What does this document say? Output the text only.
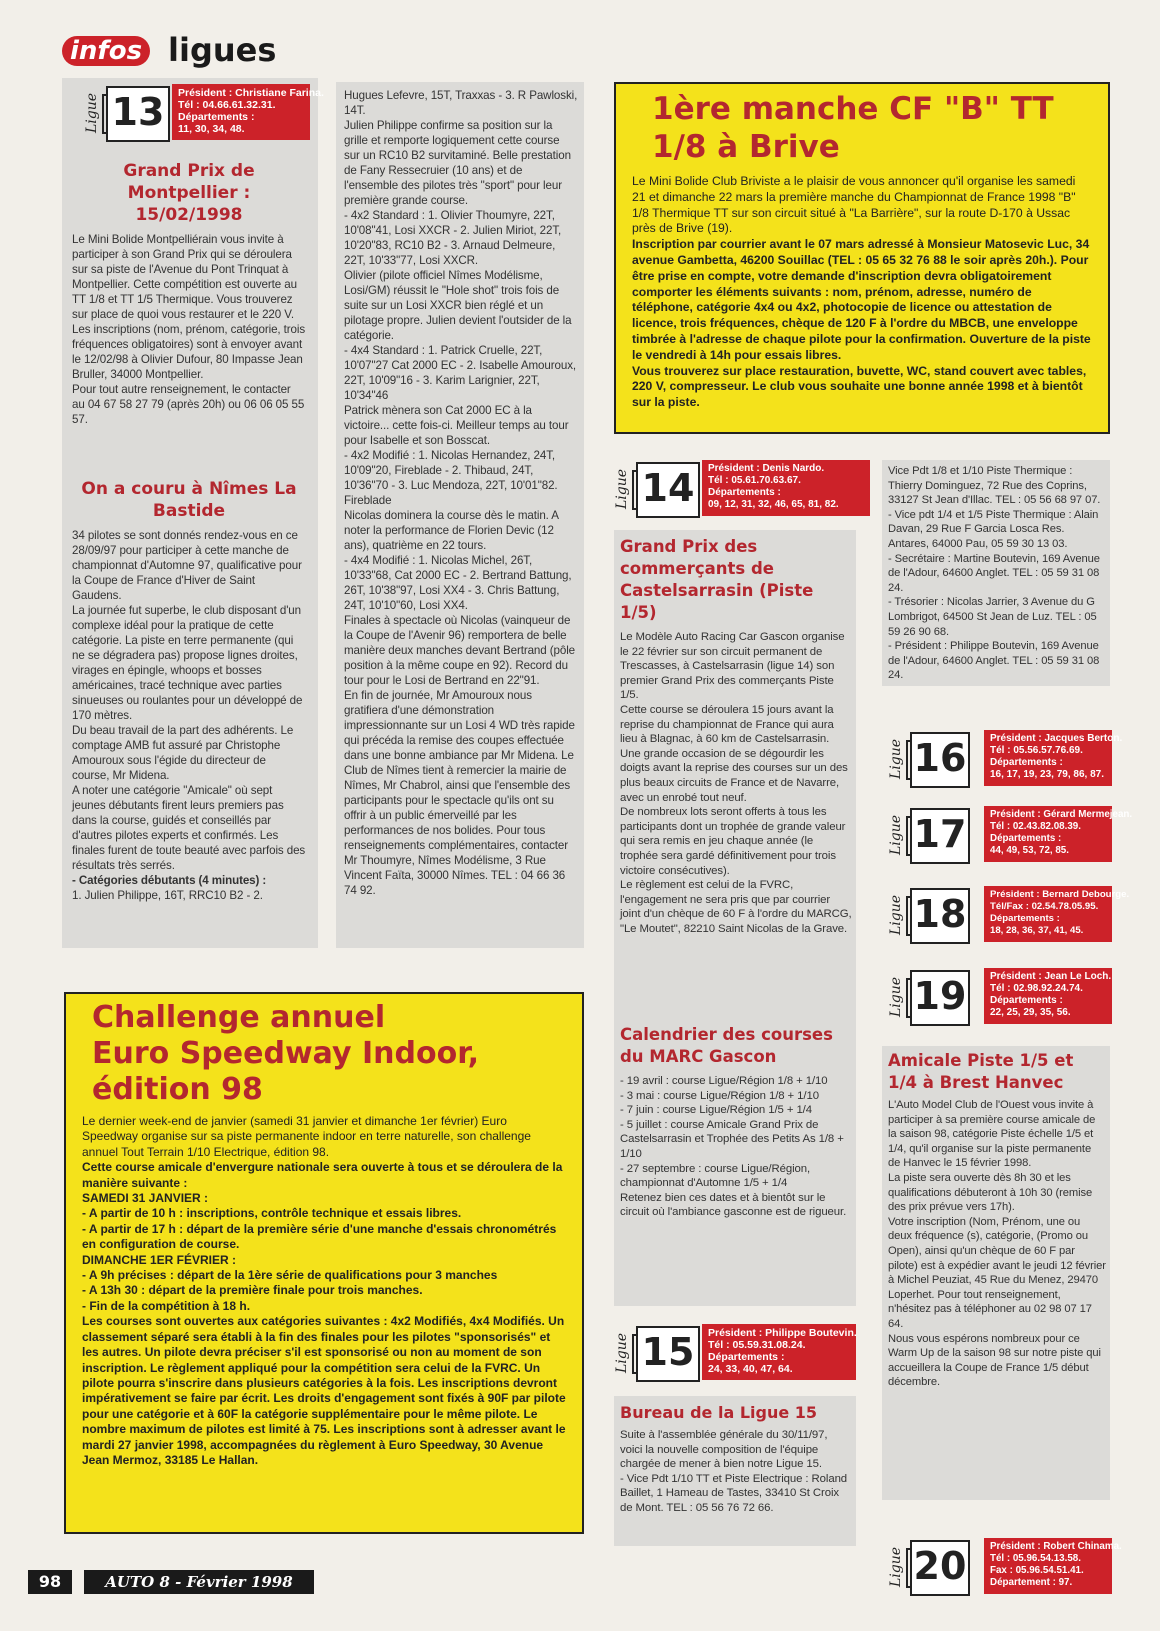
infos ligues
Ligue 13	Président : Christiane Farina.
Tél : 04.66.61.32.31.
Départements :
11, 30, 34, 48.
Grand Prix de Montpellier : 15/02/1998

Le Mini Bolide Montpelliérain vous invite à participer à son Grand Prix qui se déroulera sur sa piste de l'Avenue du Pont Trinquat à Montpellier. Cette compétition est ouverte au TT 1/8 et TT 1/5 Thermique. Vous trouverez sur place de quoi vous restaurer et le 220 V.

Les inscriptions (nom, prénom, catégorie, trois fréquences obligatoires) sont à envoyer avant le 12/02/98 à Olivier Dufour, 80 Impasse Jean Bruller, 34000 Montpellier.

Pour tout autre renseignement, le contacter au 04 67 58 27 79 (après 20h) ou 06 06 05 55 57.

On a couru à Nîmes La Bastide

34 pilotes se sont donnés rendez-vous en ce 28/09/97 pour participer à cette manche de championnat d'Automne 97, qualificative pour la Coupe de France d'Hiver de Saint Gaudens.

La journée fut superbe, le club disposant d'un complexe idéal pour la pratique de cette catégorie. La piste en terre permanente (qui ne se dégradera pas) propose lignes droites, virages en épingle, whoops et bosses américaines, tracé technique avec parties sinueuses ou roulantes pour un développé de 170 mètres.

Du beau travail de la part des adhérents. Le comptage AMB fut assuré par Christophe Amouroux sous l'égide du directeur de course, Mr Midena.

A noter une catégorie "Amicale" où sept jeunes débutants firent leurs premiers pas dans la course, guidés et conseillés par d'autres pilotes experts et confirmés. Les finales furent de toute beauté avec parfois des résultats très serrés.

- Catégories débutants (4 minutes) :

1. Julien Philippe, 16T, RRC10 B2 - 2.

Hugues Lefevre, 15T, Traxxas - 3. R Pawloski, 14T.

Julien Philippe confirme sa position sur la grille et remporte logiquement cette course sur un RC10 B2 survitaminé. Belle prestation de Fany Ressecruier (10 ans) et de l'ensemble des pilotes très "sport" pour leur première grande course.

- 4x2 Standard : 1. Olivier Thoumyre, 22T, 10'08"41, Losi XXCR - 2. Julien Miriot, 22T, 10'20"83, RC10 B2 - 3. Arnaud Delmeure, 22T, 10'33"77, Losi XXCR.

Olivier (pilote officiel Nîmes Modélisme, Losi/GM) réussit le "Hole shot" trois fois de suite sur un Losi XXCR bien réglé et un pilotage propre. Julien devient l'outsider de la catégorie.

- 4x4 Standard : 1. Patrick Cruelle, 22T, 10'07"27 Cat 2000 EC - 2. Isabelle Amouroux, 22T, 10'09"16 - 3. Karim Larignier, 22T, 10'34"46

Patrick mènera son Cat 2000 EC à la victoire... cette fois-ci. Meilleur temps au tour pour Isabelle et son Bosscat.

- 4x2 Modifié : 1. Nicolas Hernandez, 24T, 10'09"20, Fireblade - 2. Thibaud, 24T, 10'36"70 - 3. Luc Mendoza, 22T, 10'01"82. Fireblade

Nicolas dominera la course dès le matin. A noter la performance de Florien Devic (12 ans), quatrième en 22 tours.

- 4x4 Modifié : 1. Nicolas Michel, 26T, 10'33"68, Cat 2000 EC - 2. Bertrand Battung, 26T, 10'38"97, Losi XX4 - 3. Chris Battung, 24T, 10'10"60, Losi XX4.

Finales à spectacle où Nicolas (vainqueur de la Coupe de l'Avenir 96) remportera de belle manière deux manches devant Bertrand (pôle position à la même coupe en 92). Record du tour pour le Losi de Bertrand en 22"91.

En fin de journée, Mr Amouroux nous gratifiera d'une démonstration impressionnante sur un Losi 4 WD très rapide qui précéda la remise des coupes effectuée dans une bonne ambiance par Mr Midena. Le Club de Nîmes tient à remercier la mairie de Nîmes, Mr Chabrol, ainsi que l'ensemble des participants pour le spectacle qu'ils ont su offrir à un public émerveillé par les performances de nos bolides. Pour tous renseignements complémentaires, contacter Mr Thoumyre, Nîmes Modélisme, 3 Rue Vincent Faïta, 30000 Nîmes. TEL : 04 66 36 74 92.

1ère manche CF "B" TT
1/8 à Brive

Le Mini Bolide Club Briviste a le plaisir de vous annoncer qu'il organise les samedi 21 et dimanche 22 mars la première manche du Championnat de France 1998 "B" 1/8 Thermique TT sur son circuit situé à "La Barrière", sur la route D-170 à Ussac près de Brive (19).

Inscription par courrier avant le 07 mars adressé à Monsieur Matosevic Luc, 34 avenue Gambetta, 46200 Souillac (TEL : 05 65 32 76 88 le soir après 20h.). Pour être prise en compte, votre demande d'inscription devra obligatoirement comporter les éléments suivants : nom, prénom, adresse, numéro de téléphone, catégorie 4x4 ou 4x2, photocopie de licence ou attestation de licence, trois fréquences, chèque de 120 F à l'ordre du MBCB, une enveloppe timbrée à l'adresse de chaque pilote pour la confirmation. Ouverture de la piste le vendredi à 14h pour essais libres.

Vous trouverez sur place restauration, buvette, WC, stand couvert avec tables, 220 V, compresseur. Le club vous souhaite une bonne année 1998 et à bientôt sur la piste.

Ligue 14	Président : Denis Nardo.
Tél : 05.61.70.63.67.
Départements :
09, 12, 31, 32, 46, 65, 81, 82.
Grand Prix des commerçants de Castelsarrasin (Piste 1/5)

Le Modèle Auto Racing Car Gascon organise le 22 février sur son circuit permanent de Trescasses, à Castelsarrasin (ligue 14) son premier Grand Prix des commerçants Piste 1/5.

Cette course se déroulera 15 jours avant la reprise du championnat de France qui aura lieu à Blagnac, à 60 km de Castelsarrasin. Une grande occasion de se dégourdir les doigts avant la reprise des courses sur un des plus beaux circuits de France et de Navarre, avec un enrobé tout neuf.

De nombreux lots seront offerts à tous les participants dont un trophée de grande valeur qui sera remis en jeu chaque année (le trophée sera gardé définitivement pour trois victoire consécutives).

Le règlement est celui de la FVRC, l'engagement ne sera pris que par courrier joint d'un chèque de 60 F à l'ordre du MARCG, "Le Moutet", 82210 Saint Nicolas de la Grave.

Calendrier des courses du MARC Gascon

- 19 avril : course Ligue/Région 1/8 + 1/10

- 3 mai : course Ligue/Région 1/8 + 1/10

- 7 juin : course Ligue/Région 1/5 + 1/4

- 5 juillet : course Amicale Grand Prix de Castelsarrasin et Trophée des Petits As 1/8 + 1/10

- 27 septembre : course Ligue/Région, championnat d'Automne 1/5 + 1/4

Retenez bien ces dates et à bientôt sur le circuit où l'ambiance gasconne est de rigueur.

Ligue 15	Président : Philippe Boutevin.
Tél : 05.59.31.08.24.
Départements :
24, 33, 40, 47, 64.
Bureau de la Ligue 15

Suite à l'assemblée générale du 30/11/97, voici la nouvelle composition de l'équipe chargée de mener à bien notre Ligue 15.

- Vice Pdt 1/10 TT et Piste Electrique : Roland Baillet, 1 Hameau de Tastes, 33410 St Croix de Mont. TEL : 05 56 76 72 66.

Vice Pdt 1/8 et 1/10 Piste Thermique : Thierry Dominguez, 72 Rue des Coprins, 33127 St Jean d'Illac. TEL : 05 56 68 97 07.

- Vice pdt 1/4 et 1/5 Piste Thermique : Alain Davan, 29 Rue F Garcia Losca Res. Antares, 64000 Pau, 05 59 30 13 03.

- Secrétaire : Martine Boutevin, 169 Avenue de l'Adour, 64600 Anglet. TEL : 05 59 31 08 24.

- Trésorier : Nicolas Jarrier, 3 Avenue du G Lombrigot, 64500 St Jean de Luz. TEL : 05 59 26 90 68.

- Président : Philippe Boutevin, 169 Avenue de l'Adour, 64600 Anglet. TEL : 05 59 31 08 24.

Ligue 16	Président : Jacques Berton.
Tél : 05.56.57.76.69.
Départements :
16, 17, 19, 23, 79, 86, 87.
Ligue 17	Président : Gérard Mermejean.
Tél : 02.43.82.08.39.
Départements :
44, 49, 53, 72, 85.
Ligue 18	Président : Bernard Debourge.
Tél/Fax : 02.54.78.05.95.
Départements :
18, 28, 36, 37, 41, 45.
Ligue 19	Président : Jean Le Loch.
Tél : 02.98.92.24.74.
Départements :
22, 25, 29, 35, 56.
Amicale Piste 1/5 et 1/4 à Brest Hanvec

L'Auto Model Club de l'Ouest vous invite à participer à sa première course amicale de la saison 98, catégorie Piste échelle 1/5 et 1/4, qu'il organise sur la piste permanente de Hanvec le 15 février 1998.

La piste sera ouverte dès 8h 30 et les qualifications débuteront à 10h 30 (remise des prix prévue vers 17h).

Votre inscription (Nom, Prénom, une ou deux fréquence (s), catégorie, (Promo ou Open), ainsi qu'un chèque de 60 F par pilote) est à expédier avant le jeudi 12 février à Michel Peuziat, 45 Rue du Menez, 29470 Loperhet. Pour tout renseignement, n'hésitez pas à téléphoner au 02 98 07 17 64.

Nous vous espérons nombreux pour ce Warm Up de la saison 98 sur notre piste qui accueillera la Coupe de France 1/5 début décembre.

Ligue 20	Président : Robert Chinama.
Tél : 05.96.54.13.58.
Fax : 05.96.54.51.41.
Département : 97.
Challenge annuel
Euro Speedway Indoor,
édition 98

Le dernier week-end de janvier (samedi 31 janvier et dimanche 1er février) Euro Speedway organise sur sa piste permanente indoor en terre naturelle, son challenge annuel Tout Terrain 1/10 Electrique, édition 98.

Cette course amicale d'envergure nationale sera ouverte à tous et se déroulera de la manière suivante :

SAMEDI 31 JANVIER :

- A partir de 10 h : inscriptions, contrôle technique et essais libres.

- A partir de 17 h : départ de la première série d'une manche d'essais chronométrés en configuration de course.

DIMANCHE 1ER FÉVRIER :

- A 9h précises : départ de la 1ère série de qualifications pour 3 manches

- A 13h 30 : départ de la première finale pour trois manches.

- Fin de la compétition à 18 h.

Les courses sont ouvertes aux catégories suivantes : 4x2 Modifiés, 4x4 Modifiés. Un classement séparé sera établi à la fin des finales pour les pilotes "sponsorisés" et les autres. Un pilote devra préciser s'il est sponsorisé ou non au moment de son inscription. Le règlement appliqué pour la compétition sera celui de la FVRC. Un pilote pourra s'inscrire dans plusieurs catégories à la fois. Les inscriptions devront impérativement se faire par écrit. Les droits d'engagement sont fixés à 90F par pilote pour une catégorie et à 60F la catégorie supplémentaire pour le même pilote. Le nombre maximum de pilotes est limité à 75. Les inscriptions sont à adresser avant le mardi 27 janvier 1998, accompagnées du règlement à Euro Speedway, 30 Avenue Jean Mermoz, 33185 Le Hallan.

98	AUTO 8 - Février 1998
